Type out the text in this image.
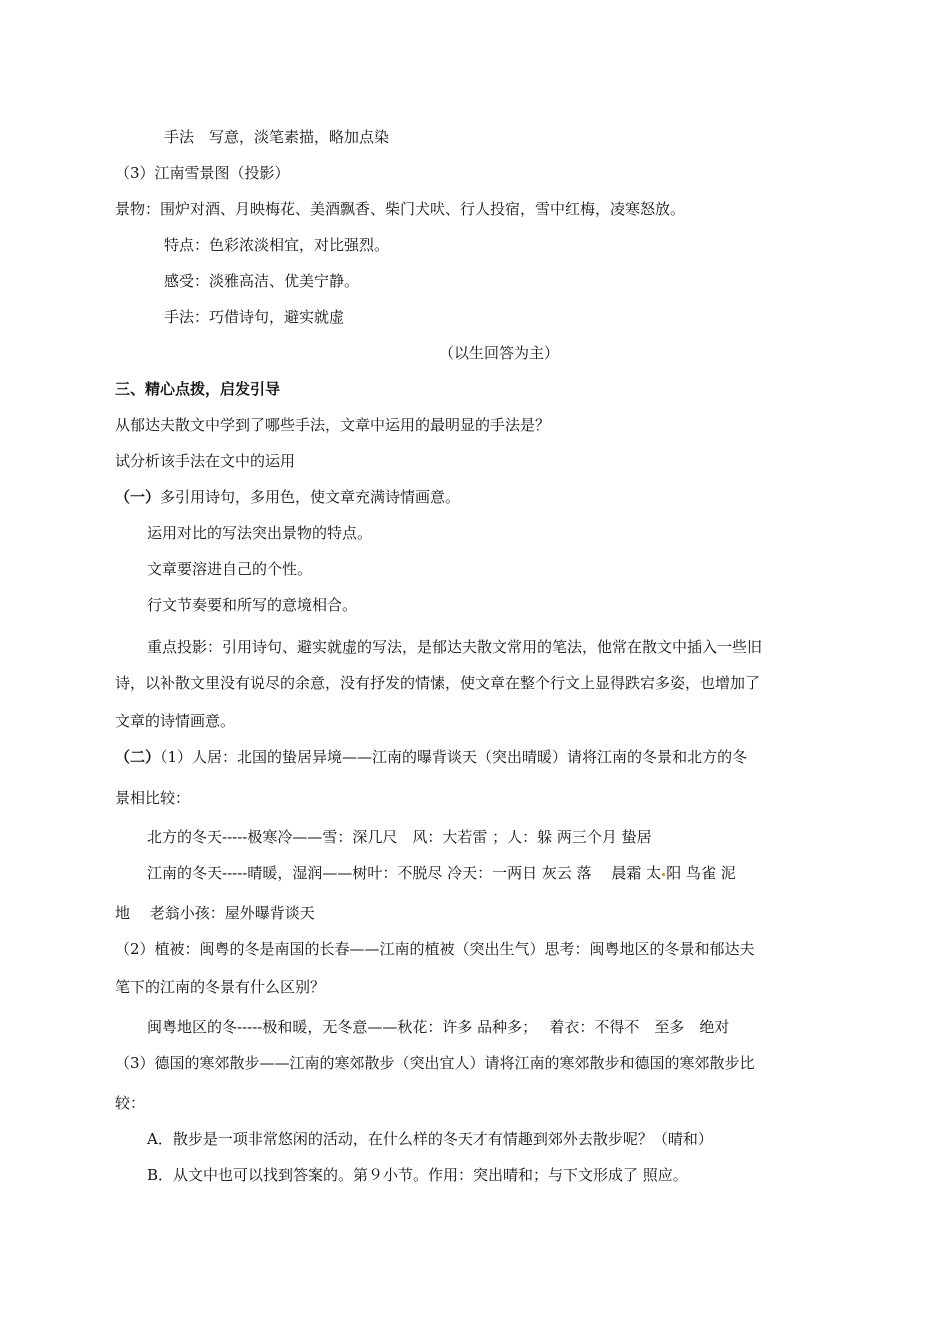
手法　写意，淡笔素描，略加点染
（3）江南雪景图（投影）
景物：围炉对酒、月映梅花、美酒飘香、柴门犬吠、行人投宿，雪中红梅，凌寒怒放。
特点：色彩浓淡相宜，对比强烈。
感受：淡雅高洁、优美宁静。
手法：巧借诗句，避实就虚
（以生回答为主）
三、精心点拨，启发引导
从郁达夫散文中学到了哪些手法，文章中运用的最明显的手法是？
试分析该手法在文中的运用
（一）多引用诗句，多用色，使文章充满诗情画意。
运用对比的写法突出景物的特点。
文章要溶进自己的个性。
行文节奏要和所写的意境相合。
重点投影：引用诗句、避实就虚的写法，是郁达夫散文常用的笔法，他常在散文中插入一些旧
诗，以补散文里没有说尽的余意，没有抒发的情愫，使文章在整个行文上显得跌宕多姿，也增加了
文章的诗情画意。
（二）（1）人居：北国的蛰居异境——江南的曝背谈天（突出晴暖）请将江南的冬景和北方的冬
景相比较：
北方的冬天-----极寒冷——雪：深几尺　风：大若雷 ；人：躲 两三个月 蛰居
江南的冬天-----晴暖，湿润——树叶：不脱尽 冷天：一两日 灰云 落　 晨霜 太 阳 鸟雀 泥
地　 老翁小孩：屋外曝背谈天
（2）植被：闽粤的冬是南国的长春——江南的植被（突出生气）思考：闽粤地区的冬景和郁达夫
笔下的江南的冬景有什么区别？
闽粤地区的冬-----极和暖，无冬意——秋花：许多 品种多；　 着衣：不得不　至多　绝对
（3）德国的寒郊散步——江南的寒郊散步（突出宜人）请将江南的寒郊散步和德国的寒郊散步比
较：
A．散步是一项非常悠闲的活动，在什么样的冬天才有情趣到郊外去散步呢？（晴和）
B．从文中也可以找到答案的。第９小节。作用：突出晴和；与下文形成了 照应。
